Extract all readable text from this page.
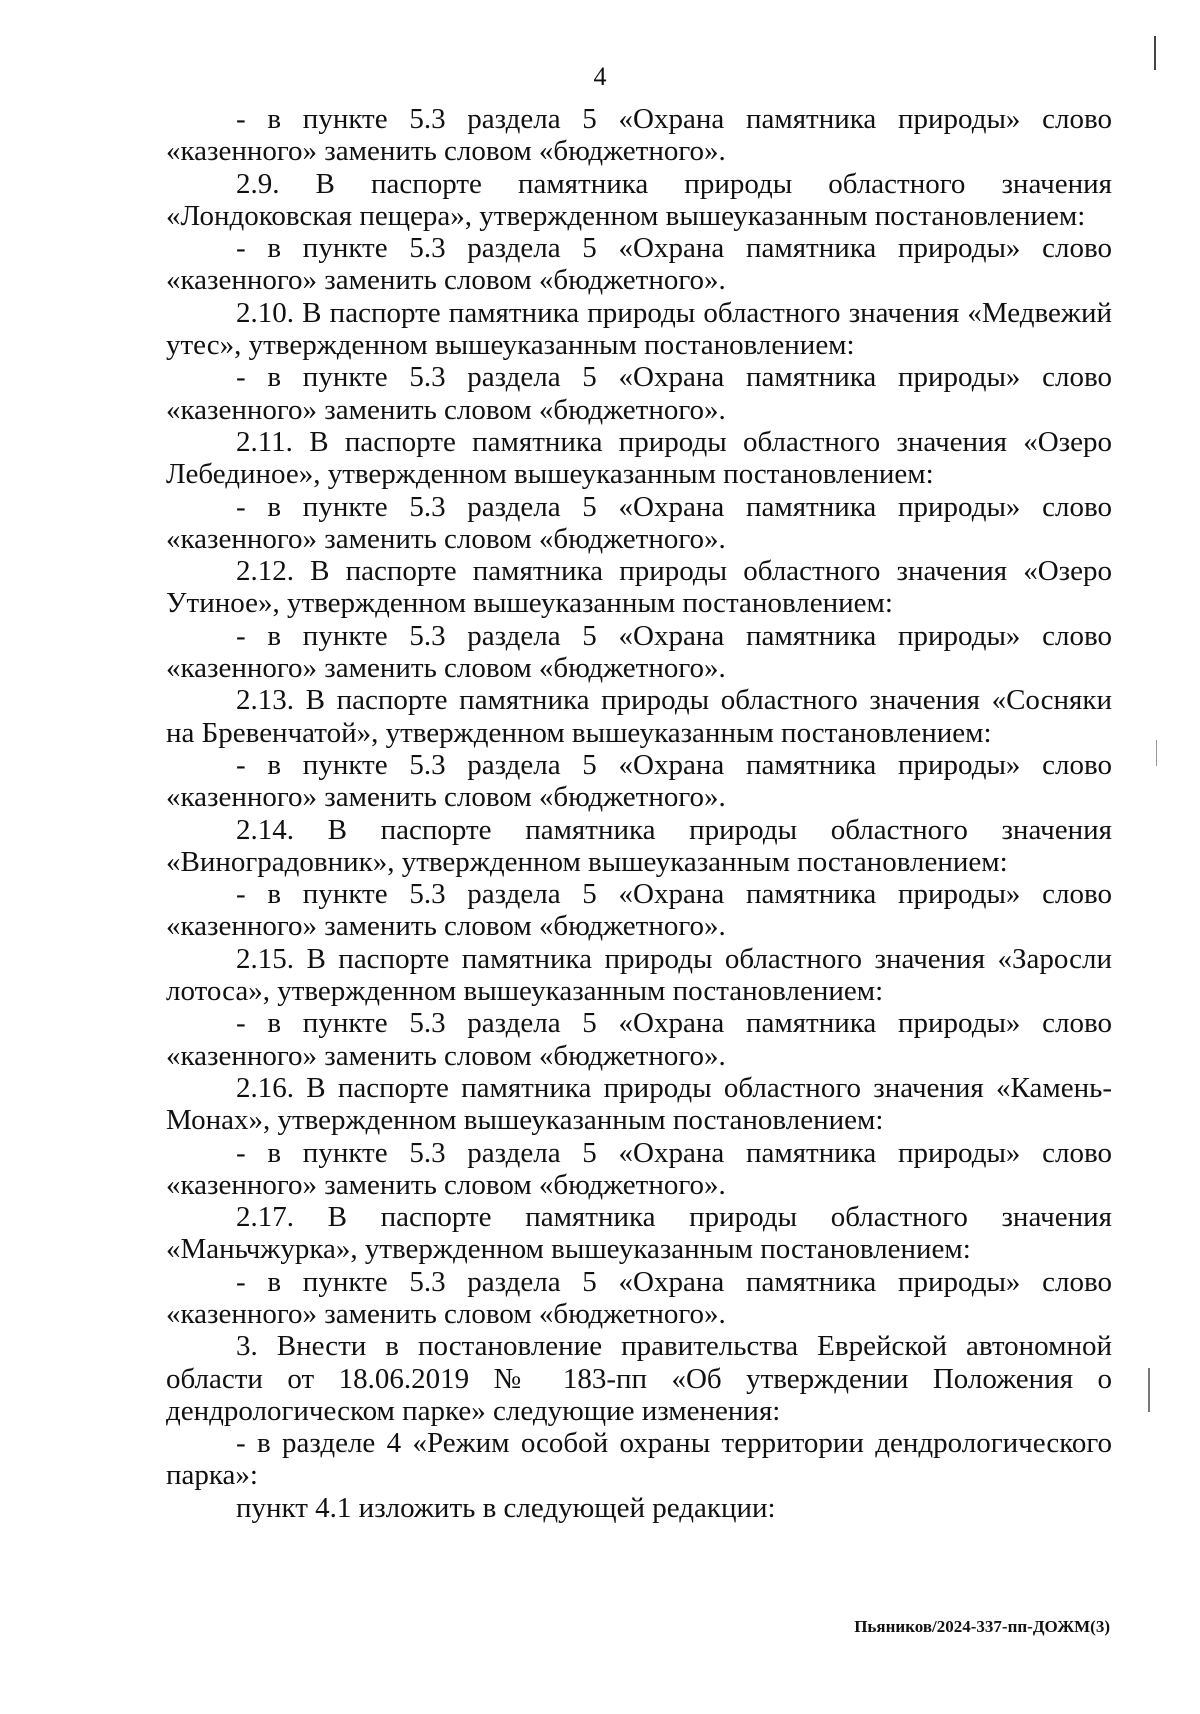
4

- в пункте 5.3 раздела 5 «Охрана памятника природы» слово «казенного» заменить словом «бюджетного».

2.9. В паспорте памятника природы областного значения «Лондоковская пещера», утвержденном вышеуказанным постановлением:

- в пункте 5.3 раздела 5 «Охрана памятника природы» слово «казенного» заменить словом «бюджетного».

2.10. В паспорте памятника природы областного значения «Медвежий утес», утвержденном вышеуказанным постановлением:

- в пункте 5.3 раздела 5 «Охрана памятника природы» слово «казенного» заменить словом «бюджетного».

2.11. В паспорте памятника природы областного значения «Озеро Лебединое», утвержденном вышеуказанным постановлением:

- в пункте 5.3 раздела 5 «Охрана памятника природы» слово «казенного» заменить словом «бюджетного».

2.12. В паспорте памятника природы областного значения «Озеро Утиное», утвержденном вышеуказанным постановлением:

- в пункте 5.3 раздела 5 «Охрана памятника природы» слово «казенного» заменить словом «бюджетного».

2.13. В паспорте памятника природы областного значения «Сосняки на Бревенчатой», утвержденном вышеуказанным постановлением:

- в пункте 5.3 раздела 5 «Охрана памятника природы» слово «казенного» заменить словом «бюджетного».

2.14. В паспорте памятника природы областного значения «Виноградовник», утвержденном вышеуказанным постановлением:

- в пункте 5.3 раздела 5 «Охрана памятника природы» слово «казенного» заменить словом «бюджетного».

2.15. В паспорте памятника природы областного значения «Заросли лотоса», утвержденном вышеуказанным постановлением:

- в пункте 5.3 раздела 5 «Охрана памятника природы» слово «казенного» заменить словом «бюджетного».

2.16. В паспорте памятника природы областного значения «Камень-Монах», утвержденном вышеуказанным постановлением:

- в пункте 5.3 раздела 5 «Охрана памятника природы» слово «казенного» заменить словом «бюджетного».

2.17. В паспорте памятника природы областного значения «Маньчжурка», утвержденном вышеуказанным постановлением:

- в пункте 5.3 раздела 5 «Охрана памятника природы» слово «казенного» заменить словом «бюджетного».

3. Внести в постановление правительства Еврейской автономной области от 18.06.2019 № 183-пп «Об утверждении Положения о дендрологическом парке» следующие изменения:

- в разделе 4 «Режим особой охраны территории дендрологического парка»:

пункт 4.1 изложить в следующей редакции:

Пьяников/2024-337-пп-ДОЖМ(3)
